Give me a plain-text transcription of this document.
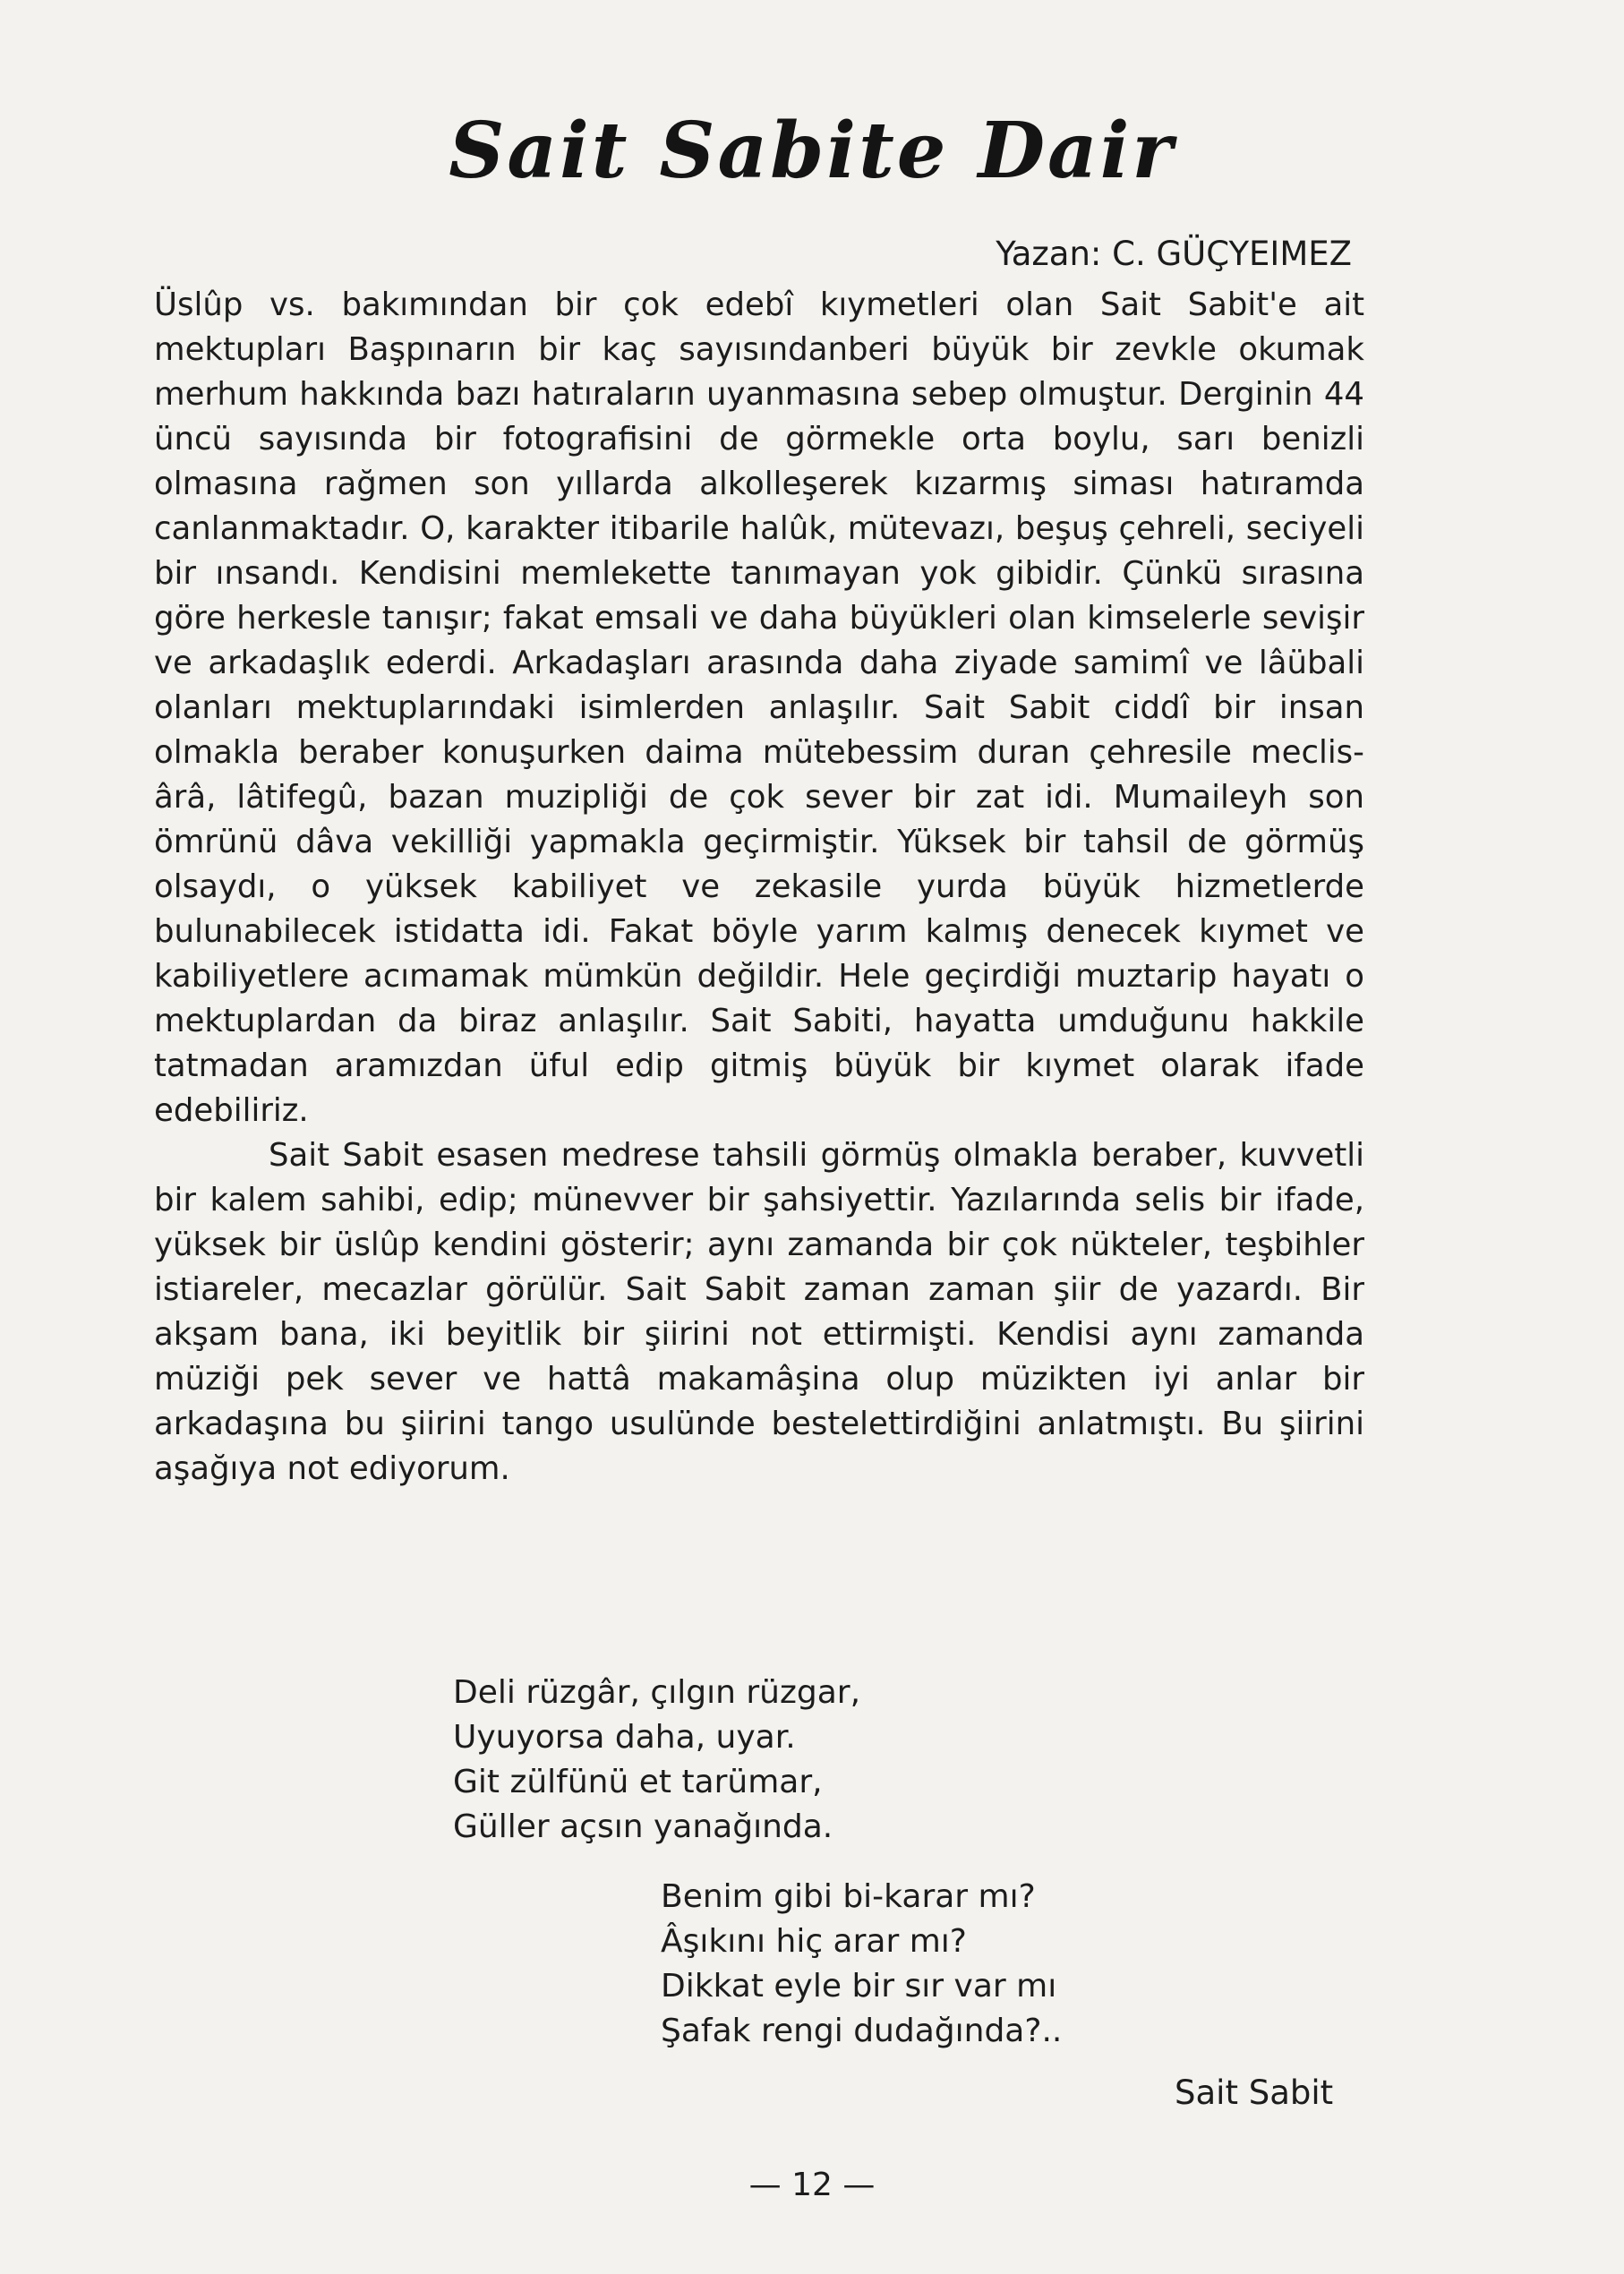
Sait Sabite Dair
Yazan: C. GÜÇYEIMEZ

Üslûp vs. bakımından bir çok edebî kıymetleri olan Sait Sabit'e ait mektupları Başpınarın bir kaç sayısındanberi büyük bir zevkle okumak merhum hakkında bazı hatıraların uyanmasına sebep olmuştur. Derginin 44 üncü sayısında bir fotografisini de görmekle orta boylu, sarı benizli olmasına rağmen son yıllarda alkolleşerek kızarmış siması hatıramda canlanmaktadır. O, karakter itibarile halûk, mütevazı, beşuş çehreli, seciyeli bir ınsandı. Kendisini memlekette tanımayan yok gibidir. Çünkü sırasına göre herkesle tanışır; fakat emsali ve daha büyükleri olan kimselerle sevişir ve arkadaşlık ederdi. Arkadaşları arasında daha ziyade samimî ve lâübali olanları mektuplarındaki isimlerden anlaşılır. Sait Sabit ciddî bir insan olmakla beraber konuşurken daima mütebessim duran çehresile meclis-ârâ, lâtifegû, bazan muzipliği de çok sever bir zat idi. Mumaileyh son ömrünü dâva vekilliği yapmakla geçirmiştir. Yüksek bir tahsil de görmüş olsaydı, o yüksek kabiliyet ve zekasile yurda büyük hizmetlerde bulunabilecek istidatta idi. Fakat böyle yarım kalmış denecek kıymet ve kabiliyetlere acımamak mümkün değildir. Hele geçirdiği muztarip hayatı o mektuplardan da biraz anlaşılır. Sait Sabiti, hayatta umduğunu hakkile tatmadan aramızdan üful edip gitmiş büyük bir kıymet olarak ifade edebiliriz.

Sait Sabit esasen medrese tahsili görmüş olmakla beraber, kuvvetli bir kalem sahibi, edip; münevver bir şahsiyettir. Yazılarında selis bir ifade, yüksek bir üslûp kendini gösterir; aynı zamanda bir çok nükteler, teşbihler istiareler, mecazlar görülür. Sait Sabit zaman zaman şiir de yazardı. Bir akşam bana, iki beyitlik bir şiirini not ettirmişti. Kendisi aynı zamanda müziği pek sever ve hattâ makamâşina olup müzikten iyi anlar bir arkadaşına bu şiirini tango usulünde bestelettirdiğini anlatmıştı. Bu şiirini aşağıya not ediyorum.

Deli rüzgâr, çılgın rüzgar,
Uyuyorsa daha, uyar.
Git zülfünü et tarümar,
Güller açsın yanağında.
Benim gibi bi-karar mı?
Âşıkını hiç arar mı?
Dikkat eyle bir sır var mı
Şafak rengi dudağında?..
Sait Sabit
— 12 —
